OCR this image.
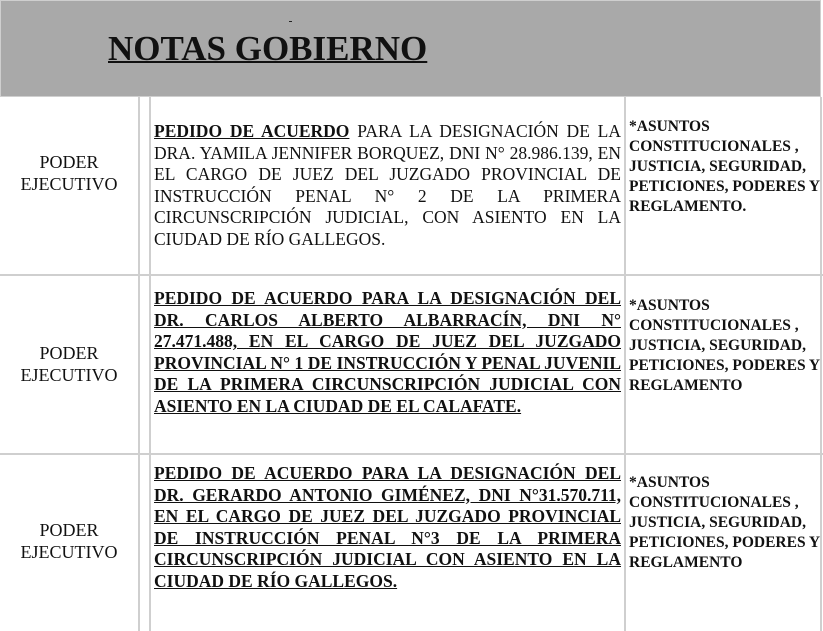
NOTAS GOBIERNO
PODER EJECUTIVO
PEDIDO DE ACUERDO PARA LA DESIGNACIÓN DE LA DRA. YAMILA JENNIFER BORQUEZ, DNI N° 28.986.139, EN EL CARGO DE JUEZ DEL JUZGADO PROVINCIAL DE INSTRUCCIÓN PENAL N° 2 DE LA PRIMERA CIRCUNSCRIPCIÓN JUDICIAL, CON ASIENTO EN LA CIUDAD DE RÍO GALLEGOS.
*ASUNTOS CONSTITUCIONALES , JUSTICIA, SEGURIDAD, PETICIONES, PODERES Y REGLAMENTO.
PODER EJECUTIVO
PEDIDO DE ACUERDO PARA LA DESIGNACIÓN DEL DR. CARLOS ALBERTO ALBARRACÍN, DNI N° 27.471.488, EN EL CARGO DE JUEZ DEL JUZGADO PROVINCIAL N° 1 DE INSTRUCCIÓN Y PENAL JUVENIL DE LA PRIMERA CIRCUNSCRIPCIÓN JUDICIAL CON ASIENTO EN LA CIUDAD DE EL CALAFATE.
*ASUNTOS CONSTITUCIONALES , JUSTICIA, SEGURIDAD, PETICIONES, PODERES Y REGLAMENTO
PODER EJECUTIVO
PEDIDO DE ACUERDO PARA LA DESIGNACIÓN DEL DR. GERARDO ANTONIO GIMÉNEZ, DNI N°31.570.711, EN EL CARGO DE JUEZ DEL JUZGADO PROVINCIAL DE INSTRUCCIÓN PENAL N°3 DE LA PRIMERA CIRCUNSCRIPCIÓN JUDICIAL CON ASIENTO EN LA CIUDAD DE RÍO GALLEGOS.
*ASUNTOS CONSTITUCIONALES , JUSTICIA, SEGURIDAD, PETICIONES, PODERES Y REGLAMENTO
